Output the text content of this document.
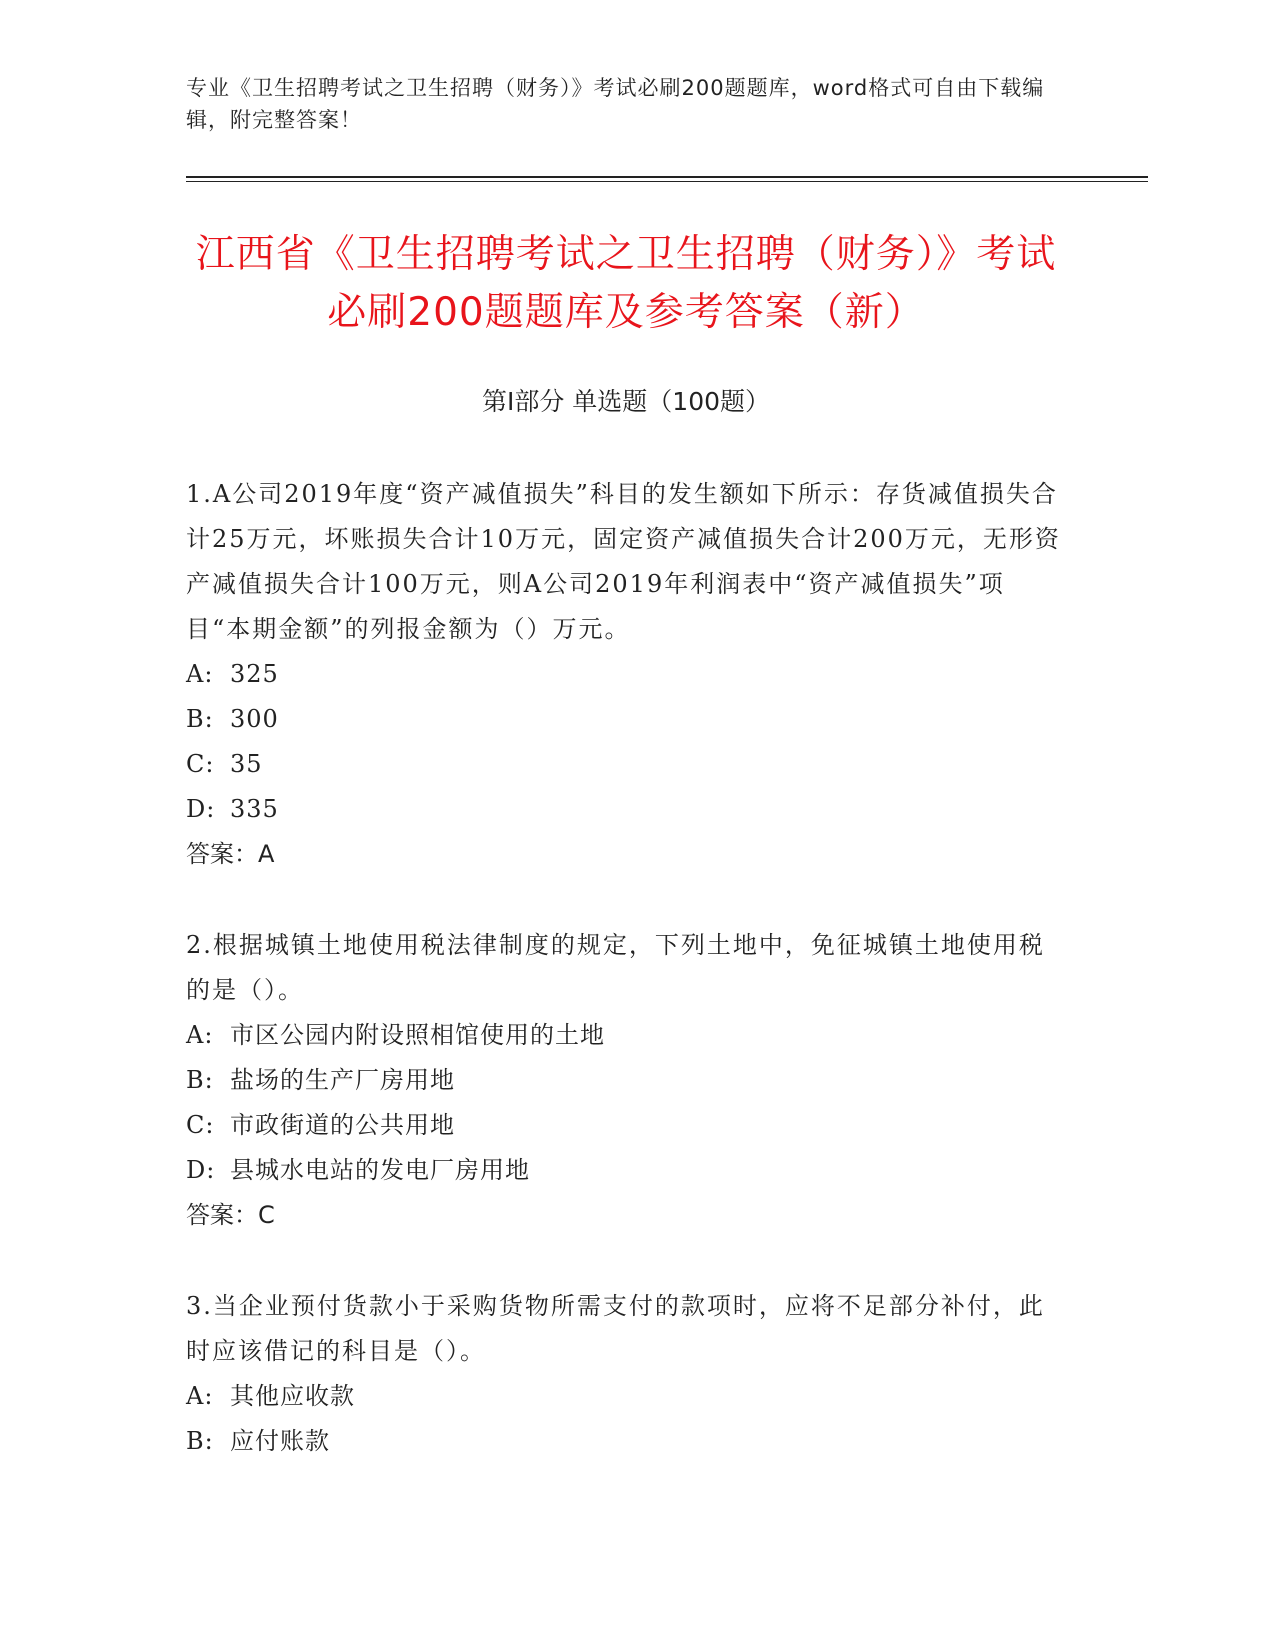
专业《卫生招聘考试之卫生招聘（财务）》考试必刷200题题库，word格式可自由下载编辑，附完整答案！
江西省《卫生招聘考试之卫生招聘（财务）》考试必刷200题题库及参考答案（新）
第Ⅰ部分 单选题（100题）
1.A公司2019年度“资产减值损失”科目的发生额如下所示：存货减值损失合计25万元，坏账损失合计10万元，固定资产减值损失合计200万元，无形资产减值损失合计100万元，则A公司2019年利润表中“资产减值损失”项目“本期金额”的列报金额为（）万元。
A: 325
B: 300
C: 35
D: 335
答案：A
2.根据城镇土地使用税法律制度的规定，下列土地中，免征城镇土地使用税的是（）。
A: 市区公园内附设照相馆使用的土地
B: 盐场的生产厂房用地
C: 市政街道的公共用地
D: 县城水电站的发电厂房用地
答案：C
3.当企业预付货款小于采购货物所需支付的款项时，应将不足部分补付，此时应该借记的科目是（）。
A: 其他应收款
B: 应付账款
